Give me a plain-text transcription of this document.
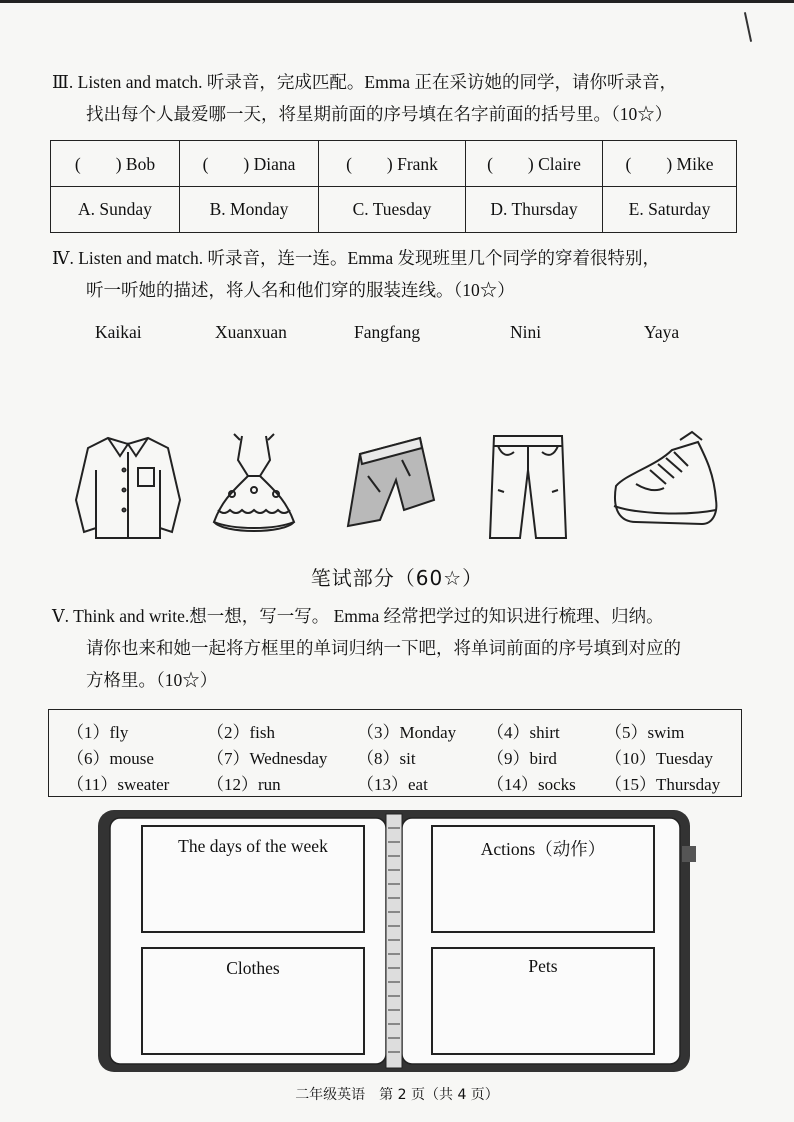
Ⅲ. Listen and match. 听录音，完成匹配。Emma 正在采访她的同学，请你听录音，
找出每个人最爱哪一天，将星期前面的序号填在名字前面的括号里。（10☆）
(　　) Bob	(　　) Diana	(　　) Frank	(　　) Claire	(　　) Mike
A. Sunday	B. Monday	C. Tuesday	D. Thursday	E. Saturday
Ⅳ. Listen and match. 听录音，连一连。Emma 发现班里几个同学的穿着很特别，
听一听她的描述，将人名和他们穿的服装连线。（10☆）
Kaikai	Xuanxuan	Fangfang	Nini	Yaya
笔试部分（60☆）
Ⅴ. Think and write.想一想，写一写。 Emma 经常把学过的知识进行梳理、归纳。
请你也来和她一起将方框里的单词归纳一下吧，将单词前面的序号填到对应的
方格里。（10☆）
（1）fly	（2）fish	（3）Monday （4）shirt	（5）swim
（6）mouse	（7）Wednesday （8）sit	（9）bird	（10）Tuesday
（11）sweater （12）run	（13）eat	（14）socks （15）Thursday
The days of the week	Actions（动作）
Clothes	Pets
二年级英语　第 2 页（共 4 页）
